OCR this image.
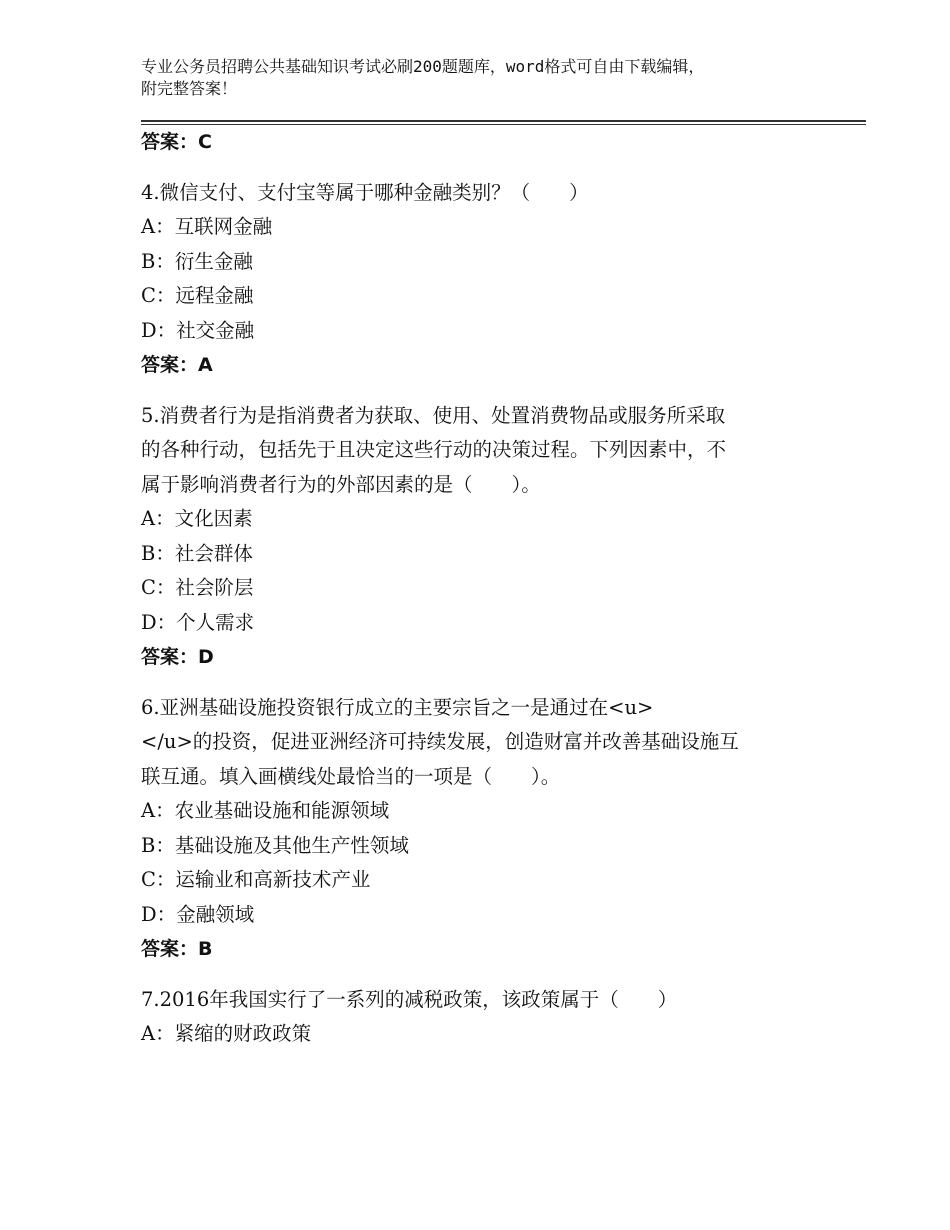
专业公务员招聘公共基础知识考试必刷200题题库，word格式可自由下载编辑，
附完整答案！
答案：C
4.微信支付、支付宝等属于哪种金融类别？（　　）
A：互联网金融
B：衍生金融
C：远程金融
D：社交金融
答案：A
5.消费者行为是指消费者为获取、使用、处置消费物品或服务所采取
的各种行动，包括先于且决定这些行动的决策过程。下列因素中，不
属于影响消费者行为的外部因素的是（　　）。
A：文化因素
B：社会群体
C：社会阶层
D：个人需求
答案：D
6.亚洲基础设施投资银行成立的主要宗旨之一是通过在<u>
</u>的投资，促进亚洲经济可持续发展，创造财富并改善基础设施互
联互通。填入画横线处最恰当的一项是（　　）。
A：农业基础设施和能源领域
B：基础设施及其他生产性领域
C：运输业和高新技术产业
D：金融领域
答案：B
7.2016年我国实行了一系列的减税政策，该政策属于（　　）
A：紧缩的财政政策
